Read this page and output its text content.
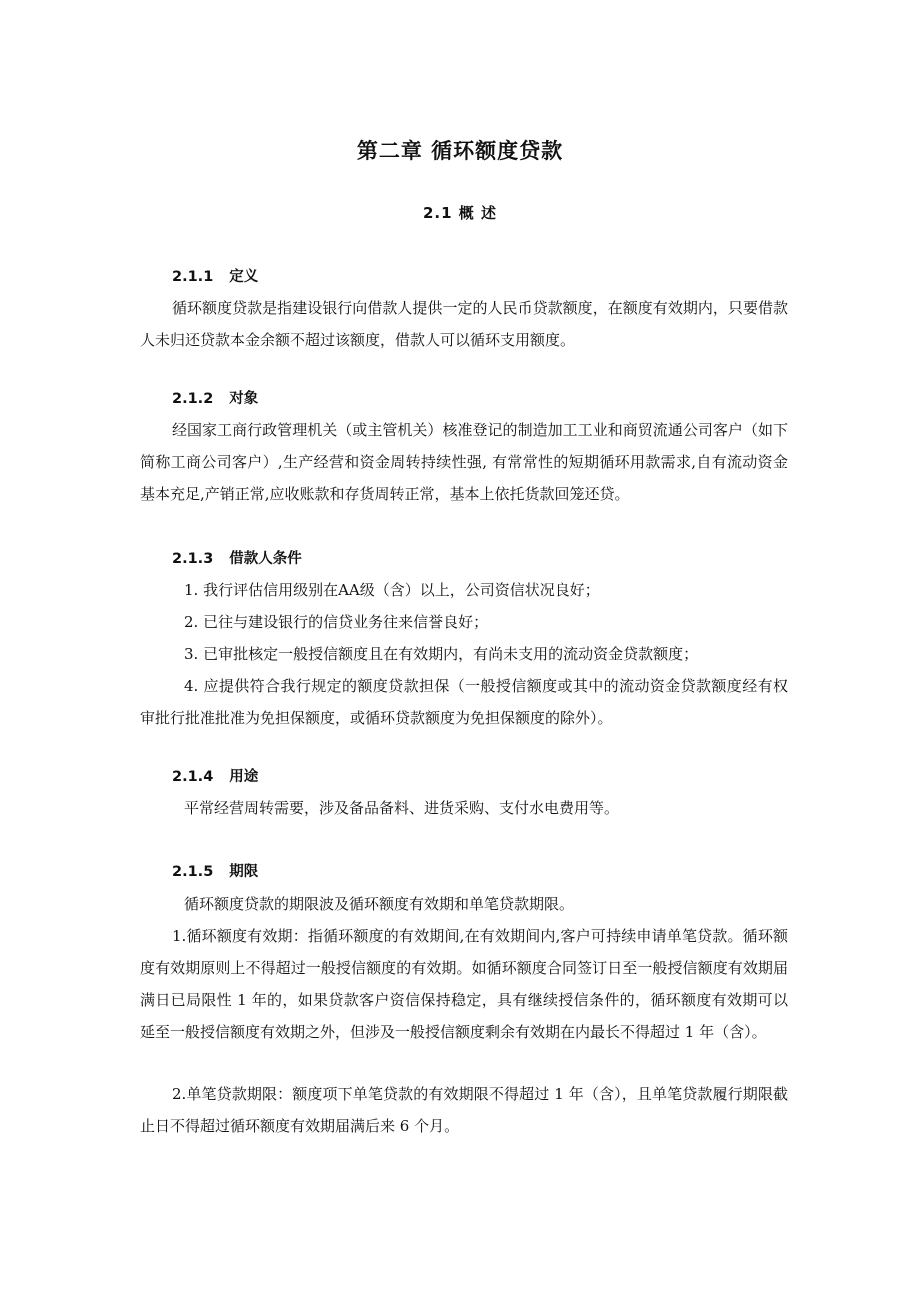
第二章 循环额度贷款
2.1 概 述
2.1.1 定义
循环额度贷款是指建设银行向借款人提供一定的人民币贷款额度，在额度有效期内，只要借款人未归还贷款本金余额不超过该额度，借款人可以循环支用额度。
2.1.2 对象
经国家工商行政管理机关（或主管机关）核准登记的制造加工工业和商贸流通公司客户（如下简称工商公司客户）,生产经营和资金周转持续性强, 有常常性的短期循环用款需求,自有流动资金基本充足,产销正常,应收账款和存货周转正常，基本上依托货款回笼还贷。
2.1.3 借款人条件
1. 我行评估信用级别在AA级（含）以上，公司资信状况良好；
2. 已往与建设银行的信贷业务往来信誉良好；
3. 已审批核定一般授信额度且在有效期内，有尚未支用的流动资金贷款额度；
4. 应提供符合我行规定的额度贷款担保（一般授信额度或其中的流动资金贷款额度经有权审批行批准批准为免担保额度，或循环贷款额度为免担保额度的除外）。
2.1.4 用途
平常经营周转需要，涉及备品备料、进货采购、支付水电费用等。
2.1.5 期限
循环额度贷款的期限波及循环额度有效期和单笔贷款期限。
1.循环额度有效期：指循环额度的有效期间,在有效期间内,客户可持续申请单笔贷款。循环额度有效期原则上不得超过一般授信额度的有效期。如循环额度合同签订日至一般授信额度有效期届满日已局限性 1 年的，如果贷款客户资信保持稳定，具有继续授信条件的，循环额度有效期可以延至一般授信额度有效期之外，但涉及一般授信额度剩余有效期在内最长不得超过 1 年（含）。
2.单笔贷款期限：额度项下单笔贷款的有效期限不得超过 1 年（含），且单笔贷款履行期限截止日不得超过循环额度有效期届满后来 6 个月。
